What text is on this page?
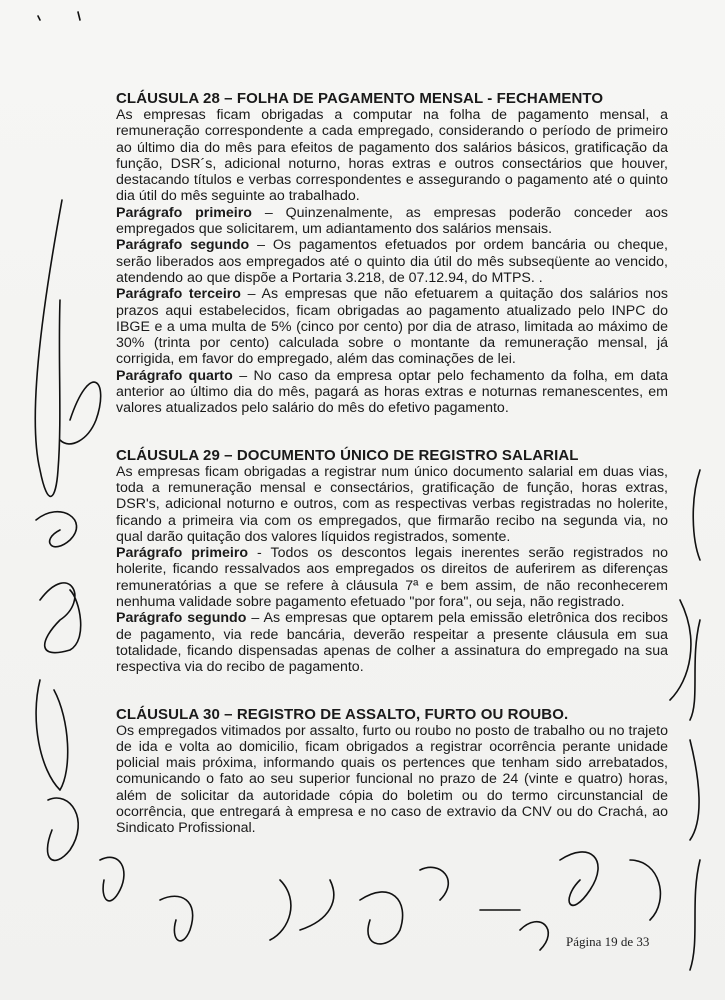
CLÁUSULA 28 – FOLHA DE PAGAMENTO MENSAL - FECHAMENTO

As empresas ficam obrigadas a computar na folha de pagamento mensal, a remuneração correspondente a cada empregado, considerando o período de primeiro ao último dia do mês para efeitos de pagamento dos salários básicos, gratificação da função, DSR´s, adicional noturno, horas extras e outros consectários que houver, destacando títulos e verbas correspondentes e assegurando o pagamento até o quinto dia útil do mês seguinte ao trabalhado.

Parágrafo primeiro – Quinzenalmente, as empresas poderão conceder aos empregados que solicitarem, um adiantamento dos salários mensais.

Parágrafo segundo – Os pagamentos efetuados por ordem bancária ou cheque, serão liberados aos empregados até o quinto dia útil do mês subseqüente ao vencido, atendendo ao que dispõe a Portaria 3.218, de 07.12.94, do MTPS. .

Parágrafo terceiro – As empresas que não efetuarem a quitação dos salários nos prazos aqui estabelecidos, ficam obrigadas ao pagamento atualizado pelo INPC do IBGE e a uma multa de 5% (cinco por cento) por dia de atraso, limitada ao máximo de 30% (trinta por cento) calculada sobre o montante da remuneração mensal, já corrigida, em favor do empregado, além das cominações de lei.

Parágrafo quarto – No caso da empresa optar pelo fechamento da folha, em data anterior ao último dia do mês, pagará as horas extras e noturnas remanescentes, em valores atualizados pelo salário do mês do efetivo pagamento.

CLÁUSULA 29 – DOCUMENTO ÚNICO DE REGISTRO SALARIAL

As empresas ficam obrigadas a registrar num único documento salarial em duas vias, toda a remuneração mensal e consectários, gratificação de função, horas extras, DSR's, adicional noturno e outros, com as respectivas verbas registradas no holerite, ficando a primeira via com os empregados, que firmarão recibo na segunda via, no qual darão quitação dos valores líquidos registrados, somente.

Parágrafo primeiro - Todos os descontos legais inerentes serão registrados no holerite, ficando ressalvados aos empregados os direitos de auferirem as diferenças remuneratórias a que se refere à cláusula 7ª e bem assim, de não reconhecerem nenhuma validade sobre pagamento efetuado "por fora", ou seja, não registrado.

Parágrafo segundo – As empresas que optarem pela emissão eletrônica dos recibos de pagamento, via rede bancária, deverão respeitar a presente cláusula em sua totalidade, ficando dispensadas apenas de colher a assinatura do empregado na sua respectiva via do recibo de pagamento.

CLÁUSULA 30 – REGISTRO DE ASSALTO, FURTO OU ROUBO.

Os empregados vitimados por assalto, furto ou roubo no posto de trabalho ou no trajeto de ida e volta ao domicilio, ficam obrigados a registrar ocorrência perante unidade policial mais próxima, informando quais os pertences que tenham sido arrebatados, comunicando o fato ao seu superior funcional no prazo de 24 (vinte e quatro) horas, além de solicitar da autoridade cópia do boletim ou do termo circunstancial de ocorrência, que entregará à empresa e no caso de extravio da CNV ou do Crachá, ao Sindicato Profissional.

Página 19 de 33
